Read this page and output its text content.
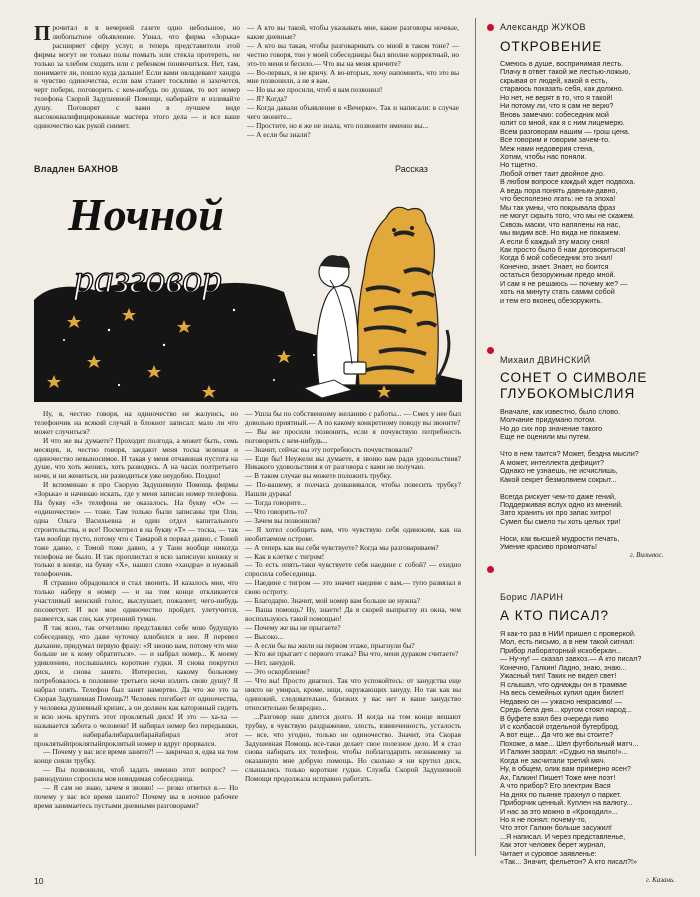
Прочитал я в вечерней газете одно небольшое, но любопытное объявление. Узнал, что фирма «Зорька» расширяет сферу услуг, и теперь представители этой фирмы могут не только полы помыть или стекла протереть, не только за хлебом сходить или с ребенком понянчиться. Нет, там, понимаете ли, пошло куда дальше! Если вами овладевают хандра и чувство одиночества, если вам станет тоскливо и захочется, черт побери, поговорить с кем-нибудь по душам, то вот номер телефона Скорой Задушевной Помощи, набирайте и изливайте душу. Поговорят с вами в лучшем виде высококвалифицированные мастера этого дела — и все ваше одиночество как рукой снимет.

— А кто вы такой, чтобы указывать мне, какие разговоры ночные, какие дневные?

— А кто вы такая, чтобы разговаривать со мной в таком тоне? — честно говоря, тон у моей собеседницы был вполне корректный, но это-то меня и бесило.— Что вы на меня кричите?

— Во-первых, я не кричу. А во-вторых, хочу напомнить, что это вы мне позвонили, а не я вам.

— Но вы же просили, чтоб я вам позвонил!

— Я? Когда?

— Когда давали объявление в «Вечерке». Так и написали: в случае чего звоните...

— Простите, но я же не знала, что позвоните именно вы...

— А если бы знали?

Владлен БАХНОВ	Рассказ
Ночной
разговор

Ну, я, честно говоря, на одиночество не жалуюсь, но телефончик на всякий случай в блокнот записал: мало ли что может случиться?

И что же вы думаете? Проходит полгода, а может быть, семь месяцев, и, честно говоря, заедают меня тоска зеленая и одиночество невыносимое. И такая у меня отчаянная пустота на душе, что хоть женись, хоть разводись. А на часах полтретьего ночи, и ни жениться, ни разводиться уже неудобно. Поздно!

И вспоминаю я про Скорую Задушевную Помощь фирмы «Зорька» и начинаю искать, где у меня записан номер телефона. На букву «З» телефона не оказалось. На букву «О» — «одиночество» — тоже. Там только были записаны три Оли, одна Ольга Васильевна и один отдел капитального строительства, и все! Посмотрел я на букву «Т» — тоска, — так там вообще пусто, потому что с Тамарой я порвал давно, с Тоней тоже давно, с Томой тоже давно, а у Тани вообще никогда телефона не было. И так проплистал я всю записную книжку и только в конце, на букву «Х», нашел слово «хандра» и нужный телефончик.

Я страшно обрадовался и стал звонить. И казалось мне, что только наберу я номер — и на том конце откликнется участливый женский голос, выслушает, пожалеет, чего-нибудь посоветует. И все мое одиночество пройдет, улетучится, развеется, как сон, как утренний туман.

Я так ясно, так отчетливо представлял себе мою будущую собеседницу, что даже чуточку влюбился в нее. Я перевел дыхание, придумал первую фразу: «Я звоню вам, потому что мне больше не к кому обратиться». — и набрал номер... К моему удивлению, послышались короткие гудки. Я снова покрутил диск, и снова занято. Интересно, какому больному потребовалось в половине третьего ночи излить свою душу? Я набрал опять. Телефон был занят намертво. Да что же это за Скорая Задушевная Помощь?! Человек погибает от одиночества, у человека душевный кризис, а он должен как каторжный сидеть и всю ночь крутить этот проклятый диск! И это — ха-ха — называется забота о человеке! И набирал номер без передышки, и набирабалибаралибарайабирал этот проклятыйпроклятыйпроклятый номер и вдруг прорвался.

— Почему у вас все время занято?! — закричал я, едва на том конце сняли трубку.

— Вы позвонили, чтоб задать именно этот вопрос? — равнодушно спросила моя невидимая собеседница.

— Я сам не знаю, зачем я звоню! — резко ответил я.— Но почему у вас все время занято? Почему вы в ночное рабочее время занимаетесь пустыми дневными разговорами?

— Ушла бы по собственному желанию с работы... — Смех у нее был довольно приятный.— А по какому конкретному поводу вы звоните?

— Вы же просили позвонить, если я почувствую потребность поговорить с кем-нибудь...

— Значит, сейчас вы эту потребность почувствовали?

— Еще бы! Неужели вы думаете, я звоню вам ради удовольствия? Никакого удовольствия я от разговора с вами не получаю.

— В таком случае вы можете положить трубку.

— По-вашему, я полчаса дозванивался, чтобы повесить трубку? Нашли дурака!

— Тогда говорите...

— Что говорить-то?

— Зачем вы позвонили?

— Я хотел сообщить вам, что чувствую себя одиноким, как на необитаемом острове.

— А теперь как вы себя чувствуете? Когда мы разговариваем?

— Как в клетке с тигром!

— То есть опять-таки чувствуете себя наедине с собой? — ехидно спросила собеседница.

— Наедине с тигром — это значит наедине с вам,— тупо развязал я свою остроту.

— Благодарю. Значит, мой номер вам больше не нужна?

— Ваша помощь? Ну, знаете! Да я скорей выпрыгну из окна, чем воспользуюсь такой помощью!

— Почему же вы не прыгаете?

— Высоко...

— А если бы вы жили на первом этаже, прыгнули бы?

— Кто же прыгает с первого этажа? Вы что, меня дураком считаете?

— Нет, занудой.

— Это оскорбление?

— Что вы! Просто диагноз. Так что успокойтесь: от занудства еще никто не умирал, кроме, ищи, окружающих зануду. Но так как вы одинокий, следовательно, близких у вас нет и ваше занудство относительно безвредно...

...Разговор наш длится долго. И когда на том конце вешают трубку, я чувствую раздражение, злость, взвинченность, усталость — все, что угодно, только не одиночество. Значит, эта Скорая Задушевная Помощь все-таки делает свое полезное дело. И я стал снова набирать их телефон, чтобы поблагодарить незнакомку за оказанную мне добрую помощь. Но сколько я ни крутил диск, слышались только короткие гудки. Служба Скорой Задушевной Помощи продолжала исправно работать.

Александр ЖУКОВ
ОТКРОВЕНИЕ
Смеюсь в душе, воспринимая лесть.
Плачу в ответ такой же лестью-ложью,
скрывая от людей, какой я есть,
стараюсь показать себя, как должно.
Но нет, не верят в то, что я такой!
Ни потому ли, что я сам не верю?
Вновь замечаю: собеседник мой
юлит со мной, как я с ним лицемерю.
Всем разговорам нашим — грош цена.
Все говорим и говорим зачем-то.
Меж нами недоверия стена,
Хотим, чтобы нас поняли.
Но тщетно.
Любой ответ таит двойное дно.
В любом вопросе каждый ждет подвоха.
А ведь пора понять давным-давно,
что бесполезно лгать: не та эпоха!
Мы так умны, что покрывала фраз
не могут скрыть того, что мы не скажем.
Сквозь маски, что напялены на нас,
мы видим всё. Но вида не покажем.
А если б каждый эту маску снял!
Как просто было б нам договориться!
Когда б мой собеседник это знал!
Конечно, знает. Знает, но боится
остаться безоружным предо мной.
И сам я не решаюсь — почему же? —
хоть на минуту стать самим собой
и тем его вконец обезоружить.
Михаил ДВИНСКИЙ
СОНЕТ О СИМВОЛЕ
ГЛУБОКОМЫСЛИЯ
Вначале, как известно, было слово.
Молчание придумано потом.
Но до сих пор значение такого
Еще не оценили мы путем.

Что в нем таится? Может, бездна мысли?
А может, интеллекта дефицит?
Однако не узнаешь, не исчислишь,
Какой секрет безмолвием сокрыт...

Всегда рискует чем-то даже гений,
Поддерживая вслух одно из мнений.
Зато хранить их про запас хитро!
Сумел бы смело ты хоть целых три!

Носи, как высшей мудрости печать,
Умение красиво промолчать!
г. Вильнюс.
Борис ЛАРИН
А КТО ПИСАЛ?
Я как-то раз в НИИ пришел с проверкой.
Мол, есть письмо, а в нем такой сигнал:
Прибор лабораторный искоберкан...
— Ну-ну! — сказал завхоз.— А кто писал?
Конечно, Галкин! Ладно, знаю, знаю...
Ужасный тип! Таких не видел свет!
Я слышал, что однажды он в трамвае
На весь семейных купил один билет!
Недавно он — ужасно некрасиво! —
Средь бела дня... кругом стоял народ...
В буфете взял без очереди пиво
И с колбасой отдельной бутерброд.
А вот еще... Да что же вы стоите?
Похоже, а мае... Шел футбольный матч...
И Галкин заорал: «Судью на мыло!»...
Когда не засчитали третий мяч.
Ну, в общем, олик вам примерно ясен?
Ах, Галкин! Пишет! Тоже мне поэт!
А что прибор? Его электрик Вася
На днях по пьянке трахнул о паркет.
Приборчик ценный. Куплен на валюту...
И нас за это можно в «Крокодил»...
Но я не понял: почему-то,
Что этот Галкин больше засужил!
...Я написал. И через представленье,
Как этот человек берет журнал,
Читает и суровое заявленье:
«Так... Значит, фельетон? А кто писал?!»
г. Казань.
10
